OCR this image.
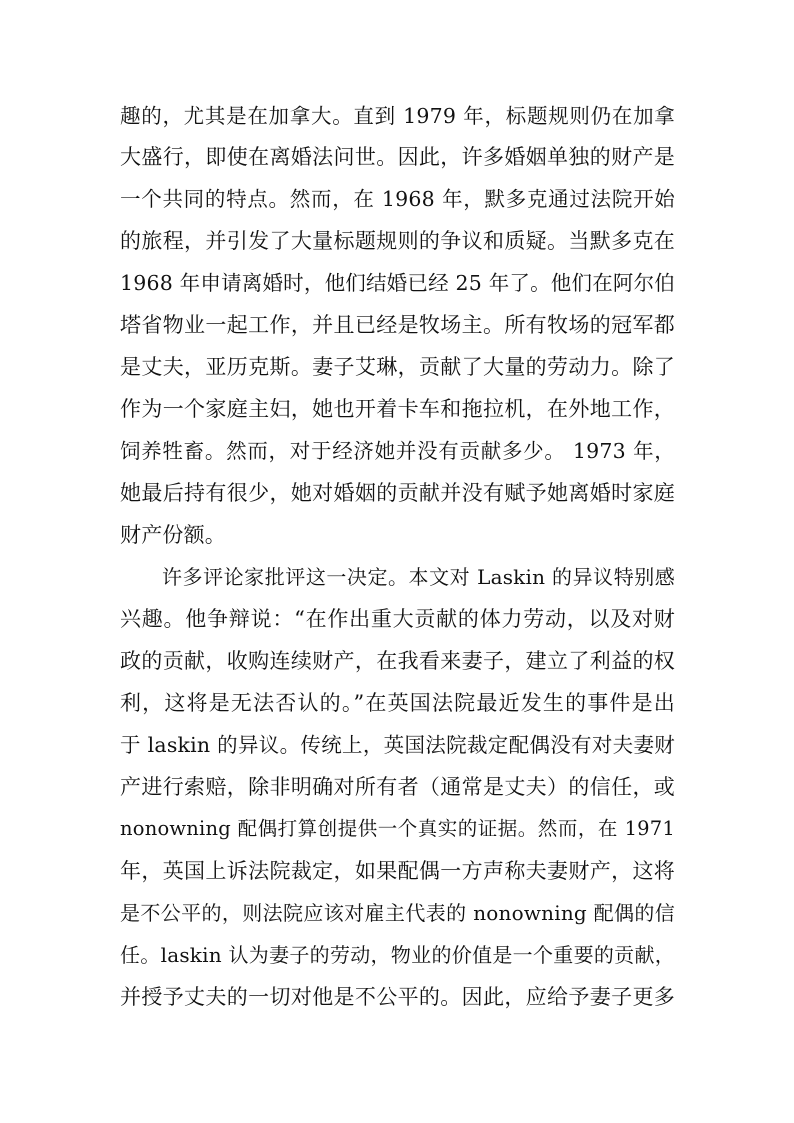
趣的，尤其是在加拿大。直到 1979 年，标题规则仍在加拿
大盛行，即使在离婚法问世。因此，许多婚姻单独的财产是
一个共同的特点。然而，在 1968 年，默多克通过法院开始
的旅程，并引发了大量标题规则的争议和质疑。当默多克在
1968 年申请离婚时，他们结婚已经 25 年了。他们在阿尔伯
塔省物业一起工作，并且已经是牧场主。所有牧场的冠军都
是丈夫，亚历克斯。妻子艾琳，贡献了大量的劳动力。除了
作为一个家庭主妇，她也开着卡车和拖拉机，在外地工作，
饲养牲畜。然而，对于经济她并没有贡献多少。 1973 年，
她最后持有很少，她对婚姻的贡献并没有赋予她离婚时家庭
财产份额。
许多评论家批评这一决定。本文对 Laskin 的异议特别感
兴趣。他争辩说：“在作出重大贡献的体力劳动，以及对财
政的贡献，收购连续财产，在我看来妻子，建立了利益的权
利，这将是无法否认的。”在英国法院最近发生的事件是出
于 laskin 的异议。传统上，英国法院裁定配偶没有对夫妻财
产进行索赔，除非明确对所有者（通常是丈夫）的信任，或
nonowning 配偶打算创提供一个真实的证据。然而，在 1971
年，英国上诉法院裁定，如果配偶一方声称夫妻财产，这将
是不公平的，则法院应该对雇主代表的 nonowning 配偶的信
任。laskin 认为妻子的劳动，物业的价值是一个重要的贡献，
并授予丈夫的一切对他是不公平的。因此，应给予妻子更多
